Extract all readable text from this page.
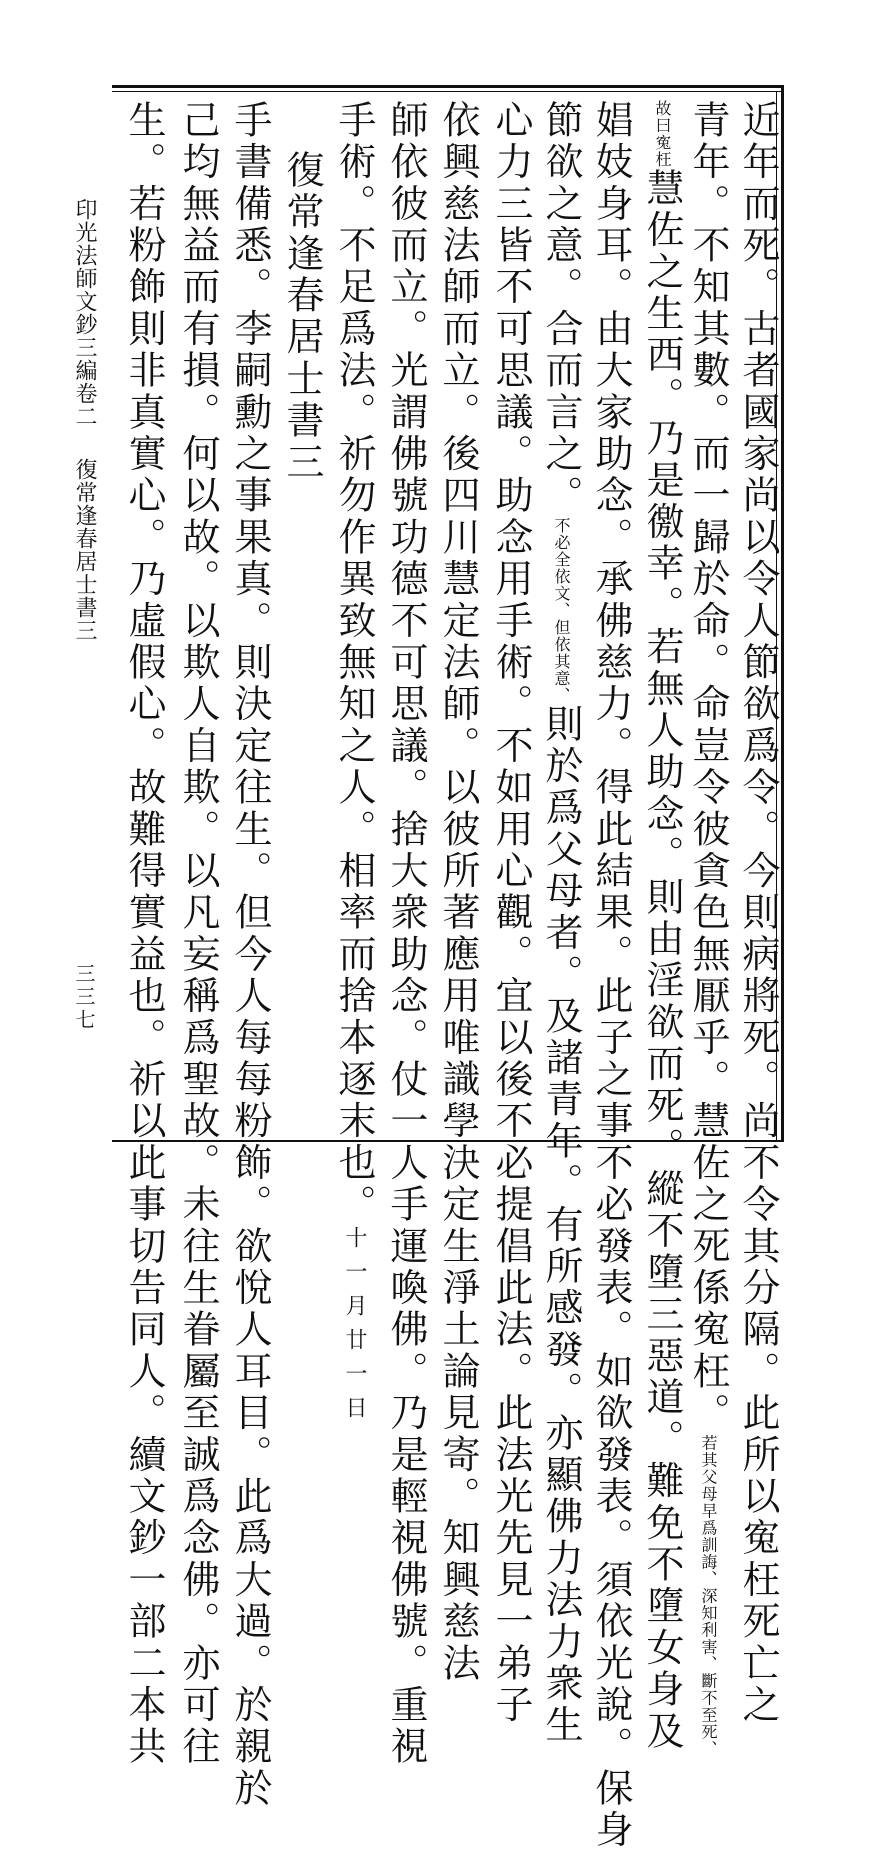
印光法師文鈔三編卷二
復常逢春居士書三
三三七	近年而死。古者國家尚以令人節欲爲令。今則病將死。尚不令其分隔。此所以寃枉死亡之
青年。不知其數。而一歸於命。命豈令彼貪色無厭乎。慧佐之死係寃枉。若其父母早爲訓誨、深知利害、斷不至死、
故曰寃枉慧佐之生西。乃是徼幸。若無人助念。則由淫欲而死。縱不墮三惡道。難免不墮女身及
娼妓身耳。由大家助念。承佛慈力。得此結果。此子之事不必發表。如欲發表。須依光說。保身
節欲之意。合而言之。不必全依文、但依其意、則於爲父母者。及諸青年。有所感發。亦顯佛力法力衆生
心力三皆不可思議。助念用手術。不如用心觀。宜以後不必提倡此法。此法光先見一弟子
依興慈法師而立。後四川慧定法師。以彼所著應用唯識學決定生淨土論見寄。知興慈法
師依彼而立。光謂佛號功德不可思議。捨大衆助念。仗一人手運喚佛。乃是輕視佛號。重視
手術。不足爲法。祈勿作異致無知之人。相率而捨本逐末也。十一月廿一日
復常逢春居士書三
手書備悉。李嗣勳之事果真。則決定往生。但今人每每粉飾。欲悅人耳目。此爲大過。於親於
己均無益而有損。何以故。以欺人自欺。以凡妄稱爲聖故。未往生眷屬至誠爲念佛。亦可往
生。若粉飾則非真實心。乃虛假心。故難得實益也。祈以此事切告同人。續文鈔一部二本共
